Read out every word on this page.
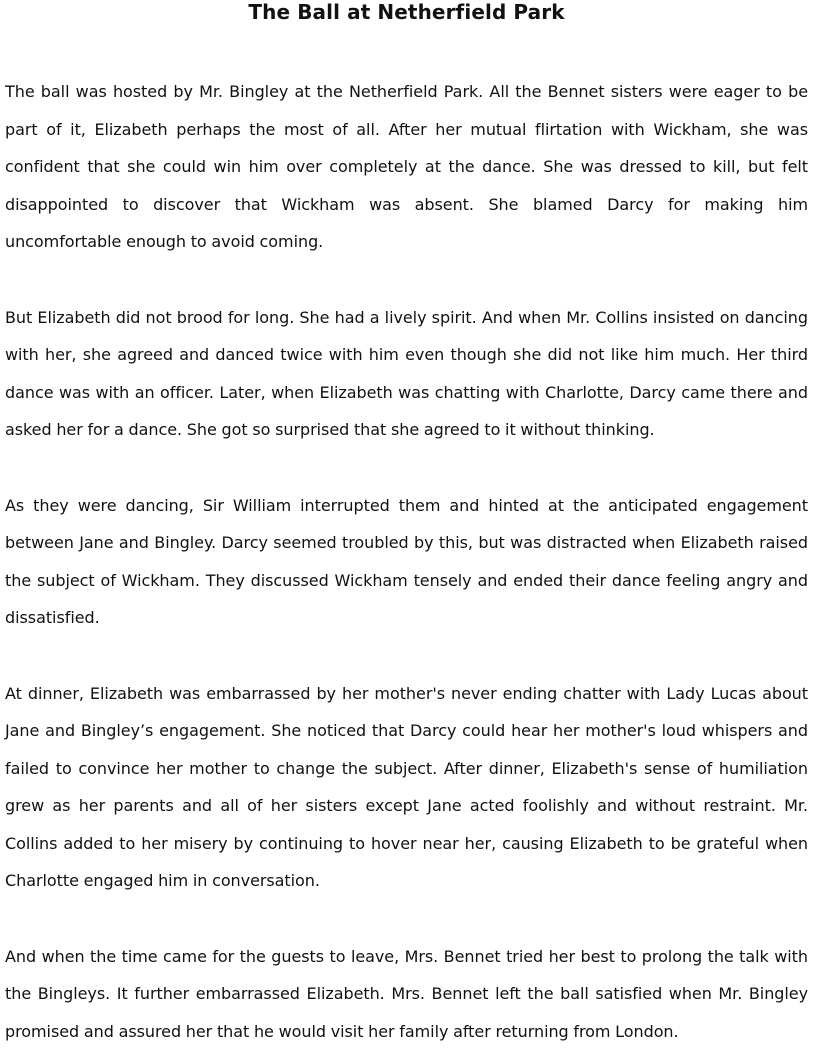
The Ball at Netherfield Park

The ball was hosted by Mr. Bingley at the Netherfield Park. All the Bennet sisters were eager to be part of it, Elizabeth perhaps the most of all. After her mutual flirtation with Wickham, she was confident that she could win him over completely at the dance. She was dressed to kill, but felt disappointed to discover that Wickham was absent. She blamed Darcy for making him uncomfortable enough to avoid coming.

But Elizabeth did not brood for long. She had a lively spirit. And when Mr. Collins insisted on dancing with her, she agreed and danced twice with him even though she did not like him much. Her third dance was with an officer. Later, when Elizabeth was chatting with Charlotte, Darcy came there and asked her for a dance. She got so surprised that she agreed to it without thinking.

As they were dancing, Sir William interrupted them and hinted at the anticipated engagement between Jane and Bingley. Darcy seemed troubled by this, but was distracted when Elizabeth raised the subject of Wickham. They discussed Wickham tensely and ended their dance feeling angry and dissatisfied.

At dinner, Elizabeth was embarrassed by her mother's never ending chatter with Lady Lucas about Jane and Bingley’s engagement. She noticed that Darcy could hear her mother's loud whispers and failed to convince her mother to change the subject. After dinner, Elizabeth's sense of humiliation grew as her parents and all of her sisters except Jane acted foolishly and without restraint. Mr. Collins added to her misery by continuing to hover near her, causing Elizabeth to be grateful when Charlotte engaged him in conversation.

And when the time came for the guests to leave, Mrs. Bennet tried her best to prolong the talk with the Bingleys. It further embarrassed Elizabeth. Mrs. Bennet left the ball satisfied when Mr. Bingley promised and assured her that he would visit her family after returning from London.
